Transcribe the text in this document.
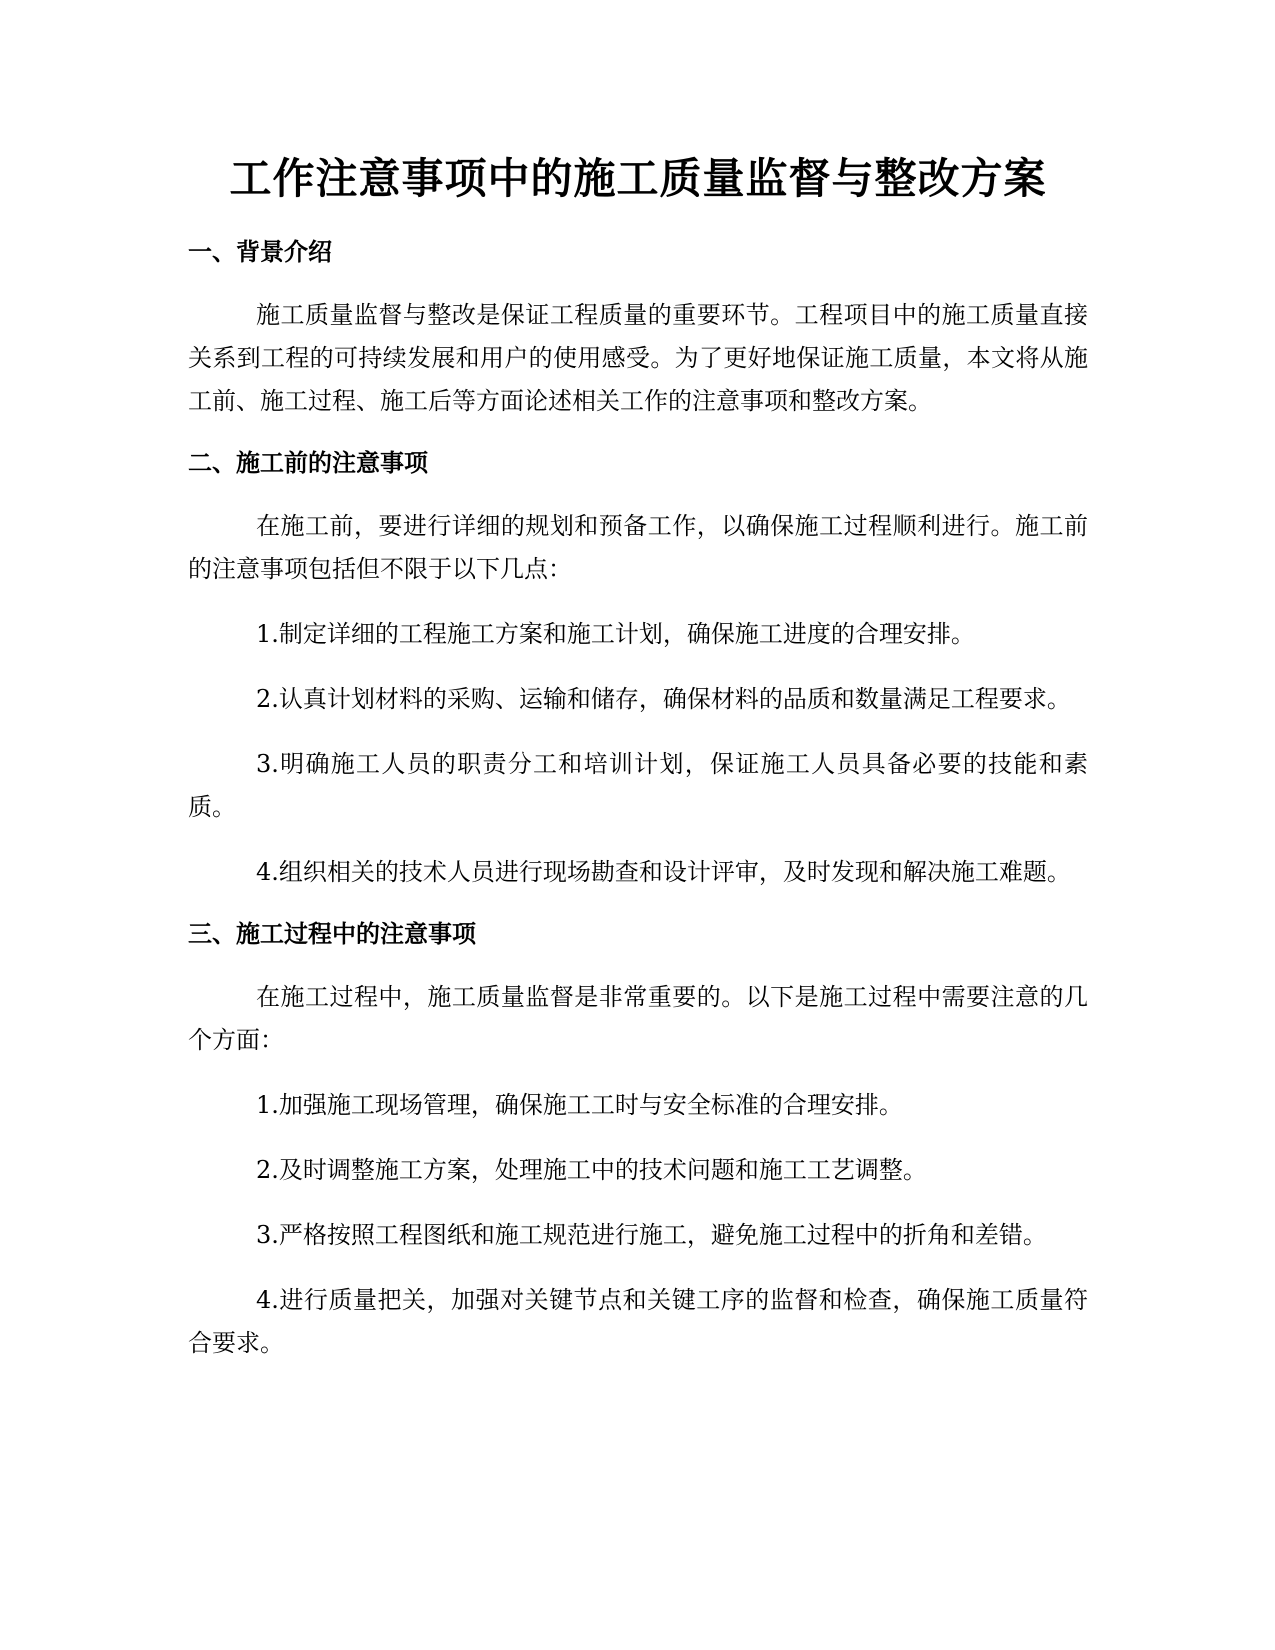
工作注意事项中的施工质量监督与整改方案
一、背景介绍

施工质量监督与整改是保证工程质量的重要环节。工程项目中的施工质量直接关系到工程的可持续发展和用户的使用感受。为了更好地保证施工质量，本文将从施工前、施工过程、施工后等方面论述相关工作的注意事项和整改方案。

二、施工前的注意事项

在施工前，要进行详细的规划和预备工作，以确保施工过程顺利进行。施工前的注意事项包括但不限于以下几点：

1.制定详细的工程施工方案和施工计划，确保施工进度的合理安排。

2.认真计划材料的采购、运输和储存，确保材料的品质和数量满足工程要求。

3.明确施工人员的职责分工和培训计划，保证施工人员具备必要的技能和素质。

4.组织相关的技术人员进行现场勘查和设计评审，及时发现和解决施工难题。

三、施工过程中的注意事项

在施工过程中，施工质量监督是非常重要的。以下是施工过程中需要注意的几个方面：

1.加强施工现场管理，确保施工工时与安全标准的合理安排。

2.及时调整施工方案，处理施工中的技术问题和施工工艺调整。

3.严格按照工程图纸和施工规范进行施工，避免施工过程中的折角和差错。

4.进行质量把关，加强对关键节点和关键工序的监督和检查，确保施工质量符合要求。
